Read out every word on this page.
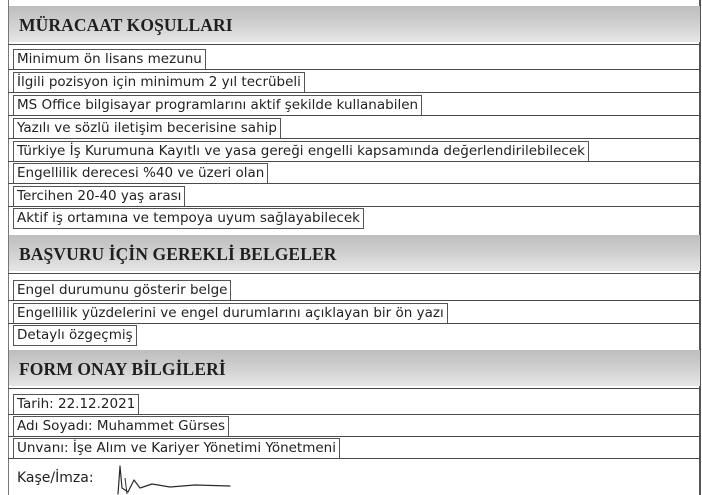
MÜRACAAT KOŞULLARI
Minimum ön lisans mezunu
İlgili pozisyon için minimum 2 yıl tecrübeli
MS Office bilgisayar programlarını aktif şekilde kullanabilen
Yazılı ve sözlü iletişim becerisine sahip
Türkiye İş Kurumuna Kayıtlı ve yasa gereği engelli kapsamında değerlendirilebilecek
Engellilik derecesi %40 ve üzeri olan
Tercihen 20-40 yaş arası
Aktif iş ortamına ve tempoya uyum sağlayabilecek
BAŞVURU İÇİN GEREKLİ BELGELER
Engel durumunu gösterir belge
Engellilik yüzdelerini ve engel durumlarını açıklayan bir ön yazı
Detaylı özgeçmiş
FORM ONAY BİLGİLERİ
Tarih: 22.12.2021
Adı Soyadı: Muhammet Gürses
Unvanı: İşe Alım ve Kariyer Yönetimi Yönetmeni
Kaşe/İmza:
